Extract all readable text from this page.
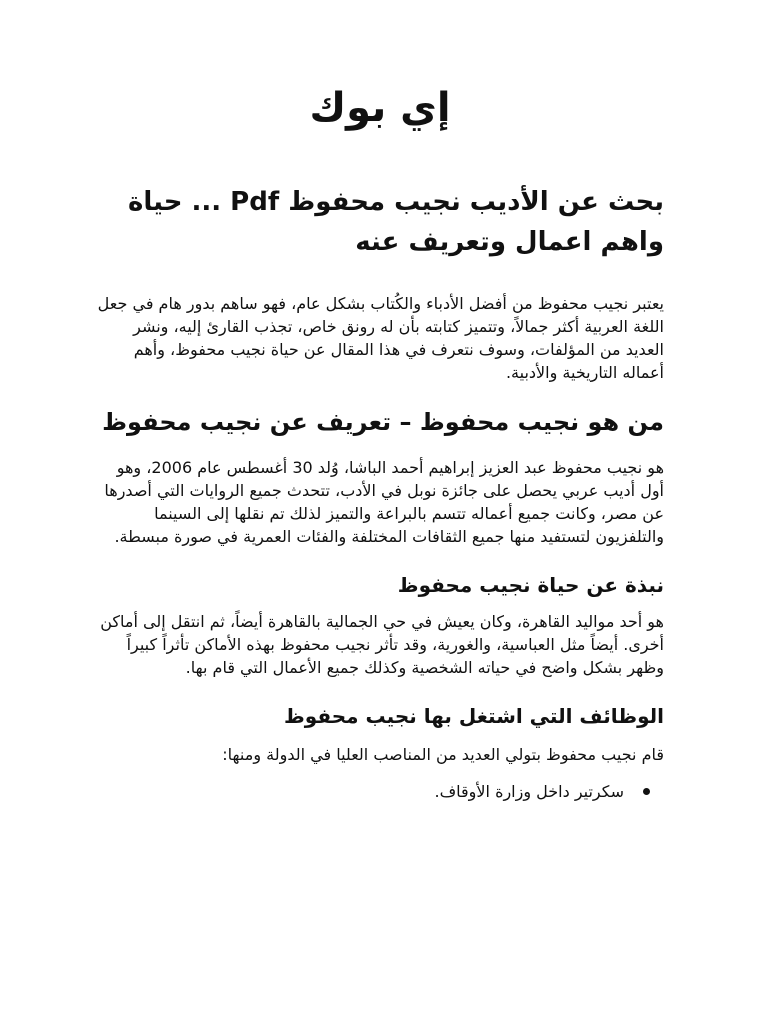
إي بوك
بحث عن الأديب نجيب محفوظ Pdf ... حياة واهم اعمال وتعريف عنه

يعتبر نجيب محفوظ من أفضل الأدباء والكُتاب بشكل عام، فهو ساهم بدور هام في جعل اللغة العربية أكثر جمالاً، وتتميز كتابته بأن له رونق خاص، تجذب القارئ إليه، ونشر العديد من المؤلفات، وسوف نتعرف في هذا المقال عن حياة نجيب محفوظ، وأهم أعماله التاريخية والأدبية.

من هو نجيب محفوظ – تعريف عن نجيب محفوظ

هو نجيب محفوظ عبد العزيز إبراهيم أحمد الباشا، وُلد 30 أغسطس عام 2006، وهو أول أديب عربي يحصل على جائزة نوبل في الأدب، تتحدث جميع الروايات التي أصدرها عن مصر، وكانت جميع أعماله تتسم بالبراعة والتميز لذلك تم نقلها إلى السينما والتلفزيون لتستفيد منها جميع الثقافات المختلفة والفئات العمرية في صورة مبسطة.

نبذة عن حياة نجيب محفوظ

هو أحد مواليد القاهرة، وكان يعيش في حي الجمالية بالقاهرة أيضاً، ثم انتقل إلى أماكن أخرى. أيضاً مثل العباسية، والغورية، وقد تأثر نجيب محفوظ بهذه الأماكن تأثراً كبيراً وظهر بشكل واضح في حياته الشخصية وكذلك جميع الأعمال التي قام بها.

الوظائف التي اشتغل بها نجيب محفوظ

قام نجيب محفوظ بتولي العديد من المناصب العليا في الدولة ومنها:

سكرتير داخل وزارة الأوقاف.
